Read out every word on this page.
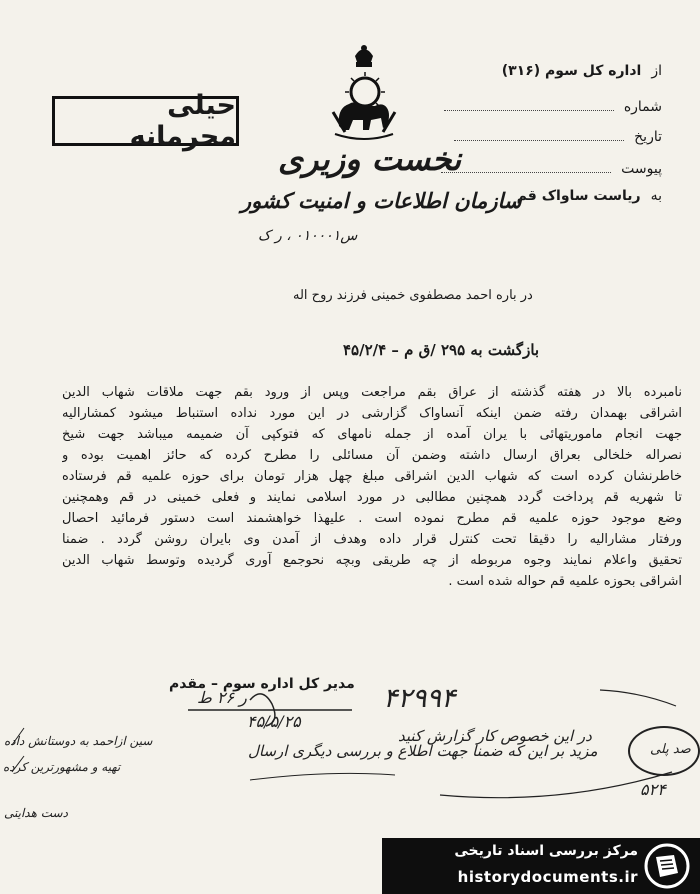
حیلی محرمانه
نخست وزیری
سازمان اطلاعات و امنیت کشور
س۰۱۰۰۰۱ ، ر ک
از
اداره کل سوم (۳۱۶)
شماره
تاریخ
پیوست
به
ریاست ساواک قم
در باره احمد مصطفوی خمینی فرزند روح اله
بازگشت به ۲۹۵ /ق م – ۴۵/۲/۴
نامبرده بالا در هفته گذشته از عراق بقم مراجعت وپس از ورود بقم جهت ملاقات شهاب الدین
اشراقی بهمدان رفته ضمن اینکه آنساواک گزارشی در این مورد نداده استنباط میشود کمشارالیه
جهت انجام ماموریتهائی با یران آمده از جمله نامهای که فتوکپی آن ضمیمه میباشد جهت شیخ
نصراله خلخالی بعراق ارسال داشته وضمن آن مسائلی را مطرح کرده که حائز اهمیت بوده و
خاطرنشان کرده است که شهاب الدین اشراقی مبلغ چهل هزار تومان برای حوزه علمیه قم فرستاده
تا شهریه قم پرداخت گردد همچنین مطالبی در مورد اسلامی نمایند و فعلی خمینی در قم وهمچنین
وضع موجود حوزه علمیه قم مطرح نموده است . علیهذا خواهشمند است دستور فرمائید احصال
ورفتار مشارالیه را دقیقا تحت کنترل قرار داده وهدف از آمدن وی بایران روشن گردد . ضمنا
تحقیق واعلام نمایند وجوه مربوطه از چه طریقی وبچه نحوجمع آوری گردیده وتوسط شهاب الدین
اشراقی بحوزه علمیه قم حواله شده است .
مدیر کل اداره سوم – مقدم ۴۲۹۹۴
ر ۲۶ ط
۴۵/۵/۲۵
در این خصوص کار گزارش کنید
مزید بر این که ضمنا جهت اطلاع و بررسی دیگری ارسال
سین ازاحمد به دوستانش داده
تهیه و مشهورترین کرده
دست هدایتی
صد پلی
۵۲۴
مرکز بررسی اسناد تاریخی
historydocuments.ir
